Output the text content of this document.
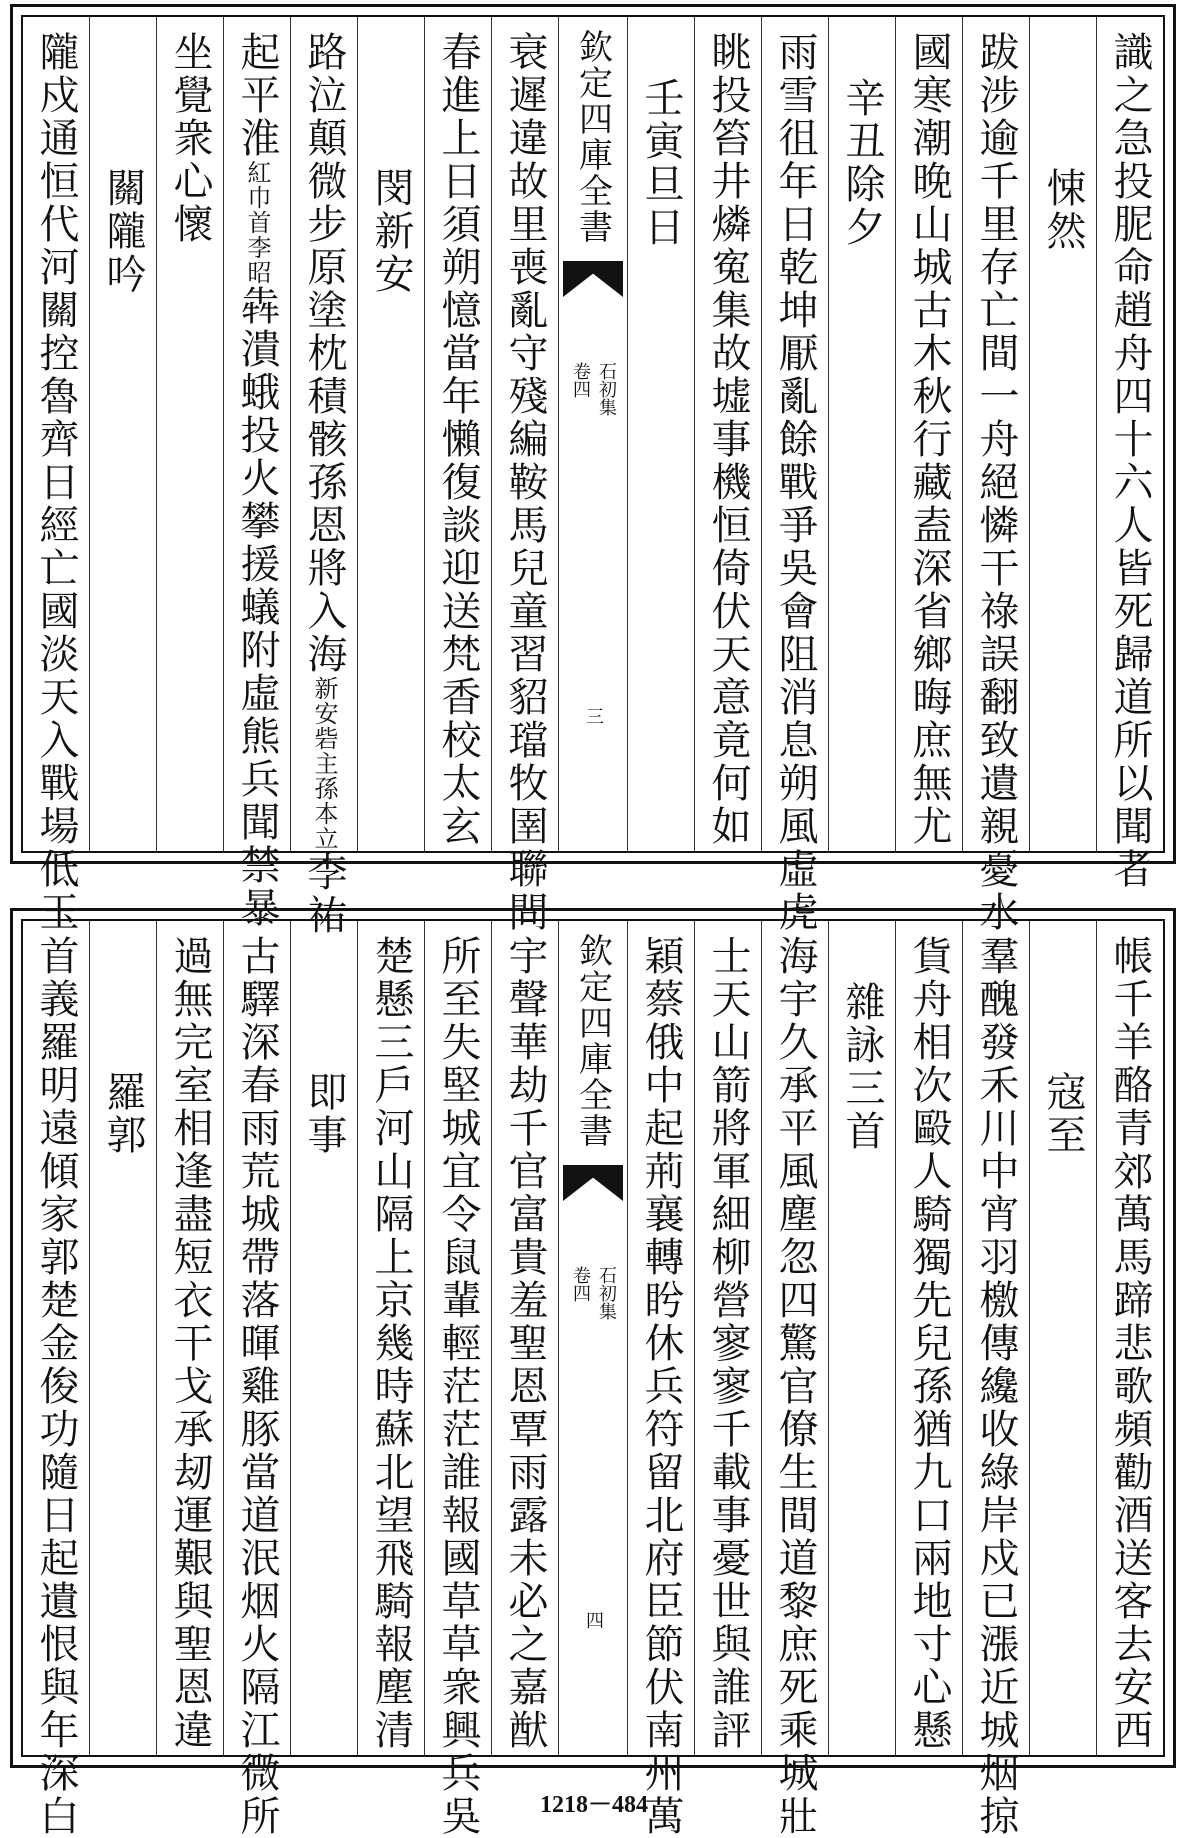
識之急投胒命趙舟四十六人皆死歸道所以聞者
悚然
跋涉逾千里存亡間一舟絕憐干祿誤翻致遺親憂水
國寒潮晚山城古木秋行藏盍深省鄉晦庶無尤
辛丑除夕
雨雪徂年日乾坤厭亂餘戰爭吳會阻消息朔風虛虎
眺投笞井燐寃集故墟事機恒倚伏天意竟何如
壬寅旦日
欽定四庫全書
石初集
卷四
三
衰遲違故里喪亂守殘編鞍馬兒童習貂璫牧圉聯問
春進上日須朔憶當年懶復談迎送梵香校太玄
閔新安
路泣顛微步原塗枕積骸孫恩將入海新安砦主孫本立李祐
起平淮紅巾首李昭犇潰蛾投火攀援蟻附虛熊兵聞禁暴
坐覺衆心懷
關隴吟
隴戍通恒代河關控魯齊日經亡國淡天入戰場低玉
帳千羊酪青郊萬馬蹄悲歌頻勸酒送客去安西
寇至
羣醜發禾川中宵羽檄傳纔收綠岸戍已漲近城烟掠
貨舟相次毆人騎獨先兒孫猶九口兩地寸心懸
雜詠三首
海宇久承平風塵忽四驚官僚生間道黎庶死乘城壯
士天山箭將軍細柳營寥寥千載事憂世與誰評
穎蔡俄中起荊襄轉盻休兵符留北府臣節伏南州萬
欽定四庫全書
石初集
卷四
四
宇聲華劫千官富貴羞聖恩覃雨露未必之嘉猷
所至失堅城宜令鼠輩輕茫茫誰報國草草衆興兵吳
楚懸三戶河山隔上京幾時蘇北望飛騎報塵清
即事
古驛深春雨荒城帶落暉雞豚當道泯烟火隔江微所
過無完室相逢盡短衣干戈承刼運艱與聖恩違
羅郭
首義羅明遠傾家郭楚金俊功隨日起遺恨與年深白	1218－484
